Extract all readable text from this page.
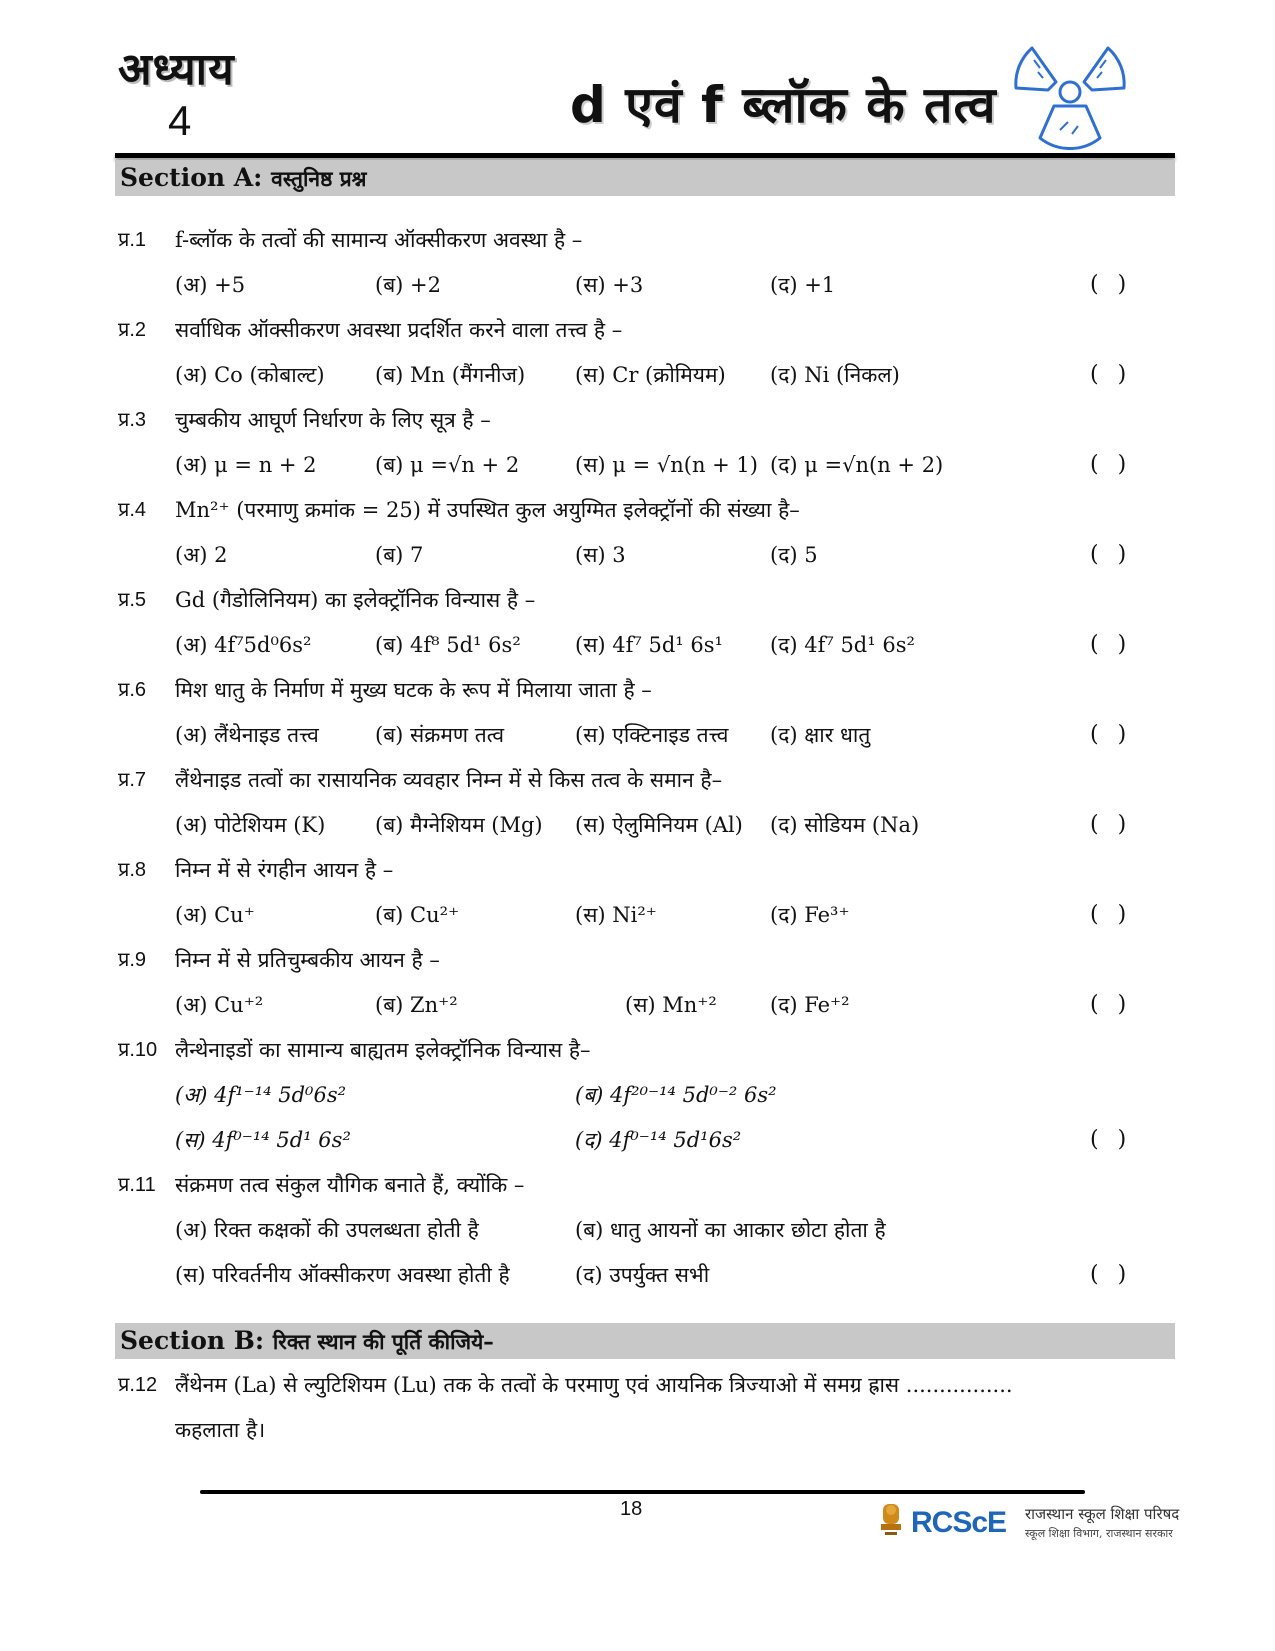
अध्याय
4	d एवं f ब्लॉक के तत्व
Section A: वस्तुनिष्ठ प्रश्न
प्र.1 f-ब्लॉक के तत्वों की सामान्य ऑक्सीकरण अवस्था है –
(अ) +5	(ब) +2	(स) +3	(द) +1	( )
प्र.2 सर्वाधिक ऑक्सीकरण अवस्था प्रदर्शित करने वाला तत्त्व है –
(अ) Co (कोबाल्ट) (ब) Mn (मैंगनीज) (स) Cr (क्रोमियम) (द) Ni (निकल)	( )
प्र.3 चुम्बकीय आघूर्ण निर्धारण के लिए सूत्र है –
(अ) μ = n + 2	(ब) μ =√n + 2	(स) μ = √n(n + 1) (द) μ =√n(n + 2)	( )
प्र.4 Mn²⁺ (परमाणु क्रमांक = 25) में उपस्थित कुल अयुग्मित इलेक्ट्रॉनों की संख्या है–
(अ) 2	(ब) 7	(स) 3	(द) 5	( )
प्र.5 Gd (गैडोलिनियम) का इलेक्ट्रॉनिक विन्यास है –
(अ) 4f⁷5d⁰6s²	(ब) 4f⁸ 5d¹ 6s²	(स) 4f⁷ 5d¹ 6s¹ (द) 4f⁷ 5d¹ 6s²	( )
प्र.6 मिश धातु के निर्माण में मुख्य घटक के रूप में मिलाया जाता है –
(अ) लैंथेनाइड तत्त्व	(ब) संक्रमण तत्व	(स) एक्टिनाइड तत्त्व (द) क्षार धातु	( )
प्र.7 लैंथेनाइड तत्वों का रासायनिक व्यवहार निम्न में से किस तत्व के समान है–
(अ) पोटेशियम (K) (ब) मैग्नेशियम (Mg) (स) ऐलुमिनियम (Al) (द) सोडियम (Na)	( )
प्र.8 निम्न में से रंगहीन आयन है –
(अ) Cu⁺	(ब) Cu²⁺	(स) Ni²⁺	(द) Fe³⁺	( )
प्र.9 निम्न में से प्रतिचुम्बकीय आयन है –
(अ) Cu⁺²	(ब) Zn⁺²	(स) Mn⁺²	(द) Fe⁺²	( )
प्र.10 लैन्थेनाइडों का सामान्य बाह्यतम इलेक्ट्रॉनिक विन्यास है–
(अ) 4f¹⁻¹⁴ 5d⁰6s²	(ब) 4f²⁰⁻¹⁴ 5d⁰⁻² 6s²
(स) 4f⁰⁻¹⁴ 5d¹ 6s²	(द) 4f⁰⁻¹⁴ 5d¹6s²	( )
प्र.11 संक्रमण तत्व संकुल यौगिक बनाते हैं, क्योंकि –
(अ) रिक्त कक्षकों की उपलब्धता होती है	(ब) धातु आयनों का आकार छोटा होता है
(स) परिवर्तनीय ऑक्सीकरण अवस्था होती है	(द) उपर्युक्त सभी	( )
Section B: रिक्त स्थान की पूर्ति कीजिये–
प्र.12 लैंथेनम (La) से ल्युटिशियम (Lu) तक के तत्वों के परमाणु एवं आयनिक त्रिज्याओ में समग्र ह्रास ................
कहलाता है।
18	RCScE राजस्थान स्कूल शिक्षा परिषद
स्कूल शिक्षा विभाग, राजस्थान सरकार
